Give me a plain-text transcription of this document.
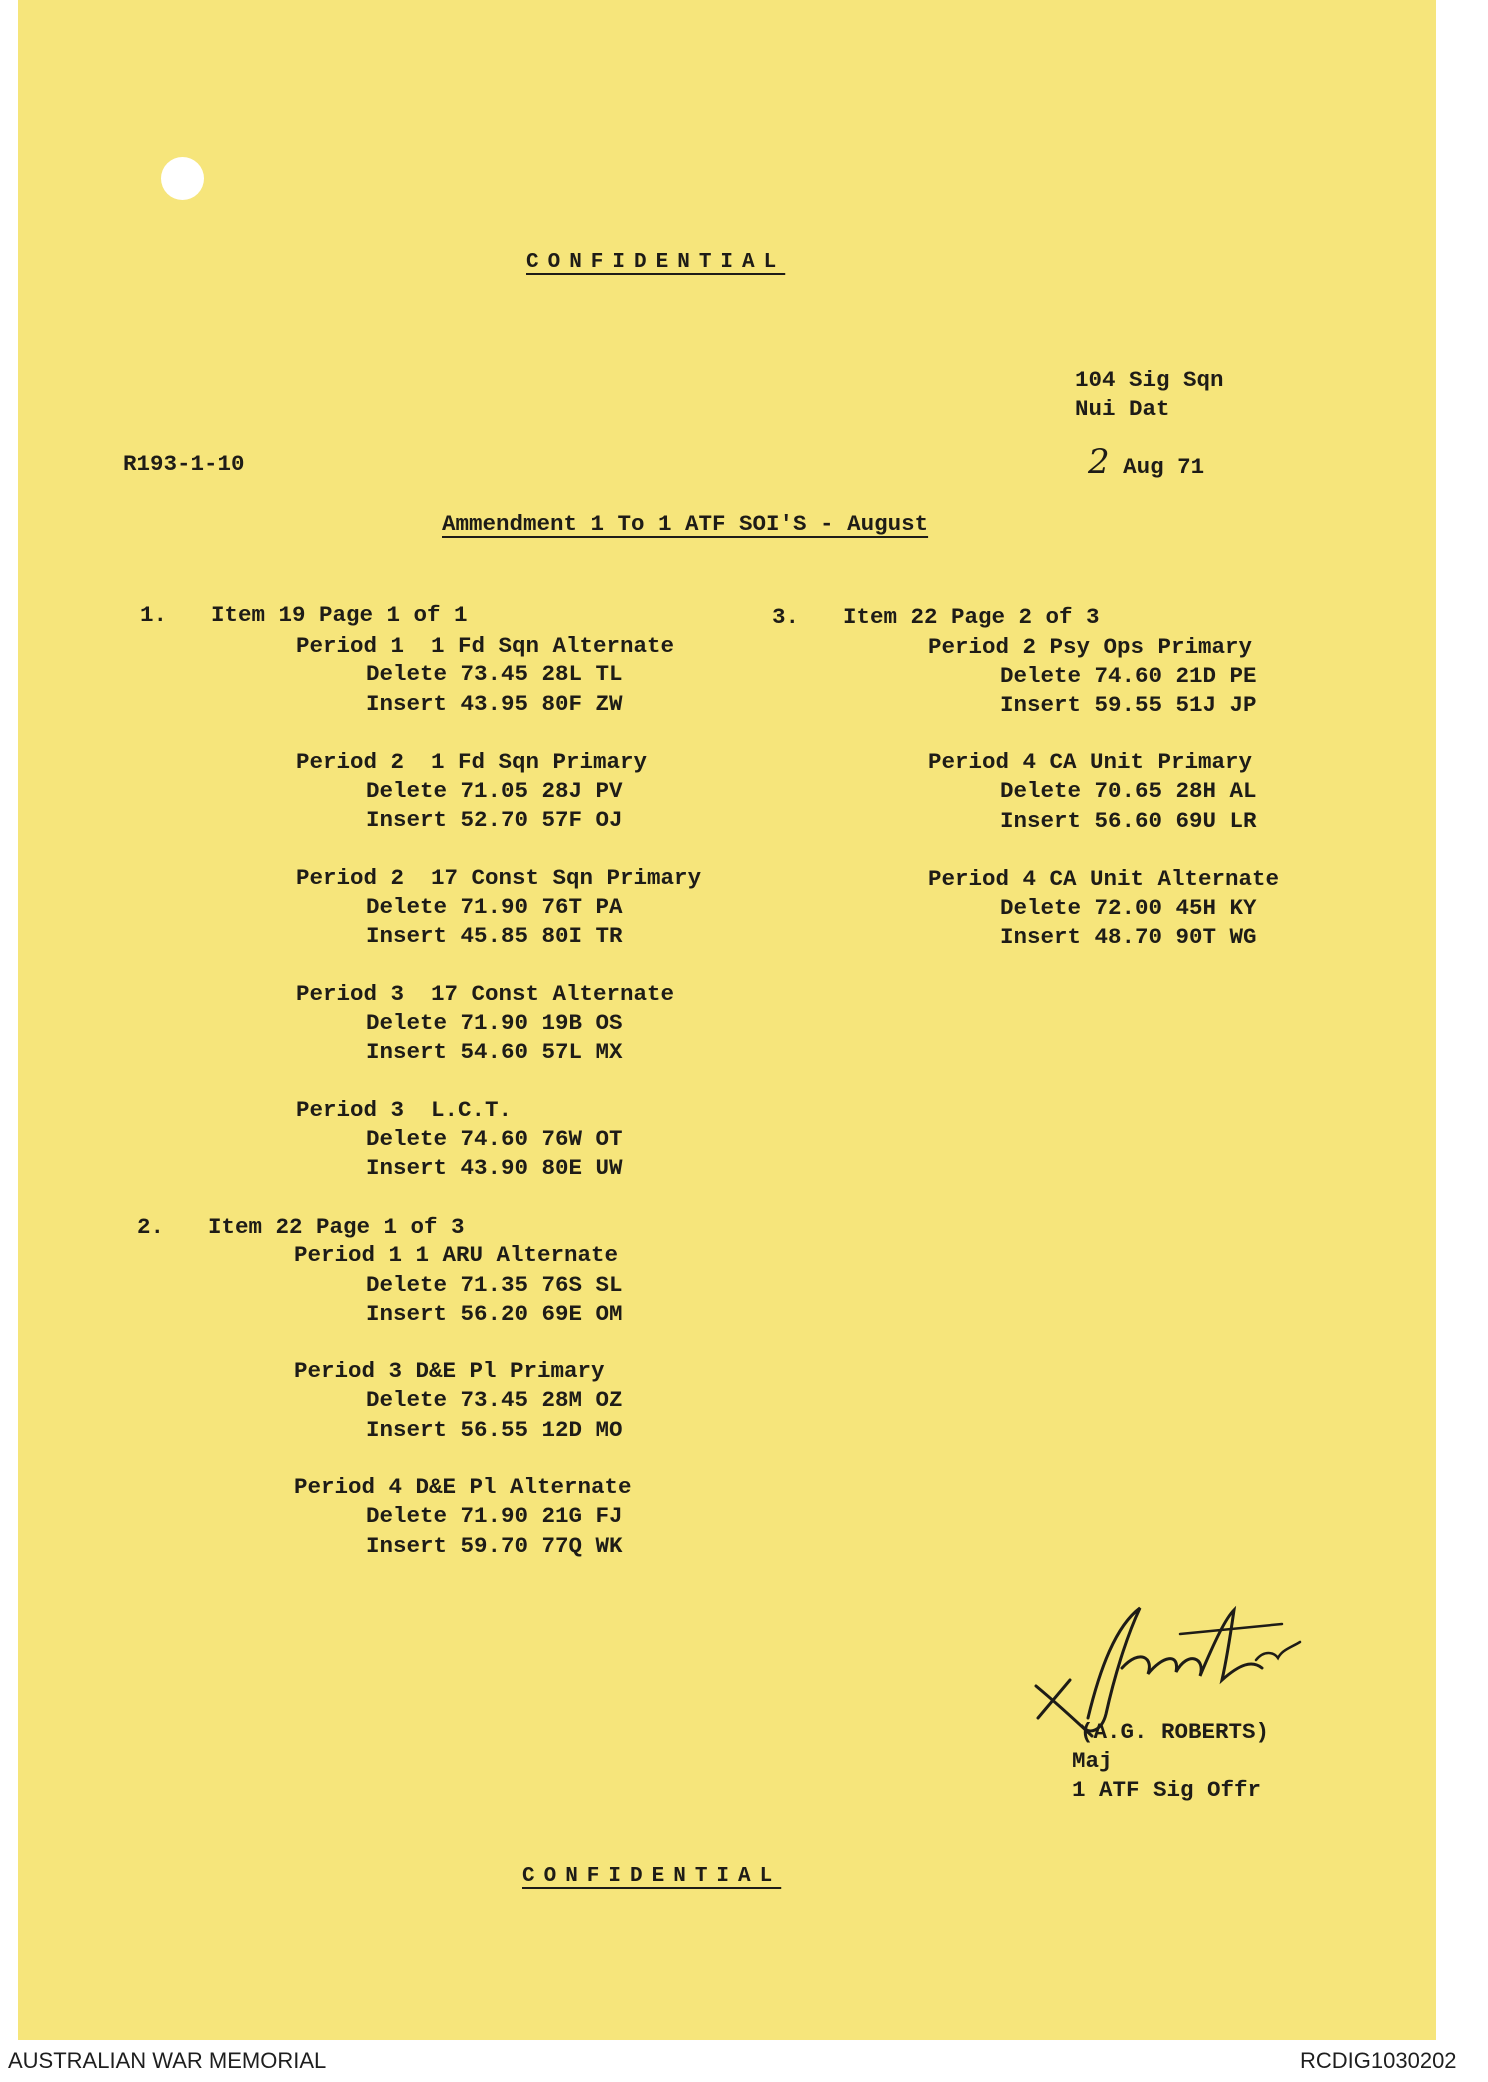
CONFIDENTIAL
104 Sig Sqn
Nui Dat
R193-1-10	2 Aug 71
Ammendment 1 To 1 ATF SOI'S - August
1. Item 19 Page 1 of 1
Period 1  1 Fd Sqn Alternate
Delete 73.45 28L TL
Insert 43.95 80F ZW
Period 2  1 Fd Sqn Primary
Delete 71.05 28J PV
Insert 52.70 57F OJ
Period 2  17 Const Sqn Primary
Delete 71.90 76T PA
Insert 45.85 80I TR
Period 3  17 Const Alternate
Delete 71.90 19B OS
Insert 54.60 57L MX
Period 3  L.C.T.
Delete 74.60 76W OT
Insert 43.90 80E UW
2. Item 22 Page 1 of 3
Period 1 1 ARU Alternate
Delete 71.35 76S SL
Insert 56.20 69E OM
Period 3 D&E Pl Primary
Delete 73.45 28M OZ
Insert 56.55 12D MO
Period 4 D&E Pl Alternate
Delete 71.90 21G FJ
Insert 59.70 77Q WK
3. Item 22 Page 2 of 3
Period 2 Psy Ops Primary
Delete 74.60 21D PE
Insert 59.55 51J JP
Period 4 CA Unit Primary
Delete 70.65 28H AL
Insert 56.60 69U LR
Period 4 CA Unit Alternate
Delete 72.00 45H KY
Insert 48.70 90T WG
(A.G. ROBERTS)
Maj
1 ATF Sig Offr
CONFIDENTIAL
AUSTRALIAN WAR MEMORIAL	RCDIG1030202
